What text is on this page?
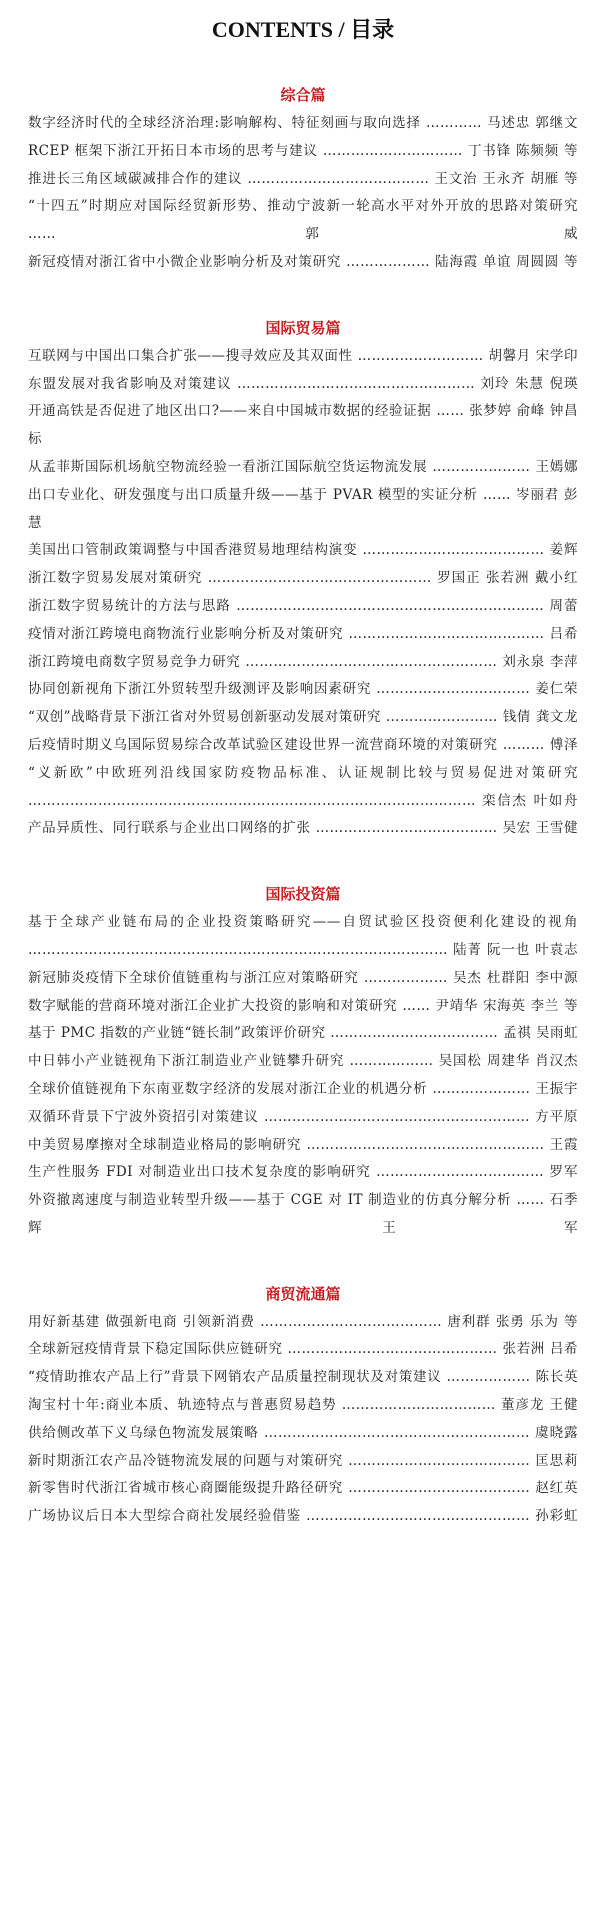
CONTENTS / 目录
综合篇
数字经济时代的全球经济治理:影响解构、特征刻画与取向选择 ………… 马述忠 郭继文
RCEP 框架下浙江开拓日本市场的思考与建议 ………………………… 丁书锋 陈频频 等
推进长三角区域碳减排合作的建议 ………………………………… 王文治 王永齐 胡雁 等
“十四五”时期应对国际经贸新形势、推动宁波新一轮高水平对外开放的思路对策研究 …… 郭威
新冠疫情对浙江省中小微企业影响分析及对策研究 ……………… 陆海霞 单谊 周圆圆 等
国际贸易篇
互联网与中国出口集合扩张——搜寻效应及其双面性 ……………………… 胡馨月 宋学印
东盟发展对我省影响及对策建议 …………………………………………… 刘玲 朱慧 倪瑛
开通高铁是否促进了地区出口?——来自中国城市数据的经验证据 …… 张梦婷 俞峰 钟昌标
从孟菲斯国际机场航空物流经验一看浙江国际航空货运物流发展 ………………… 王嫣娜
出口专业化、研发强度与出口质量升级——基于 PVAR 模型的实证分析 …… 岑丽君 彭慧
美国出口管制政策调整与中国香港贸易地理结构演变 ………………………………… 姜辉
浙江数字贸易发展对策研究 ………………………………………… 罗国正 张若洲 戴小红
浙江数字贸易统计的方法与思路 ………………………………………………………… 周蕾
疫情对浙江跨境电商物流行业影响分析及对策研究 …………………………………… 吕希
浙江跨境电商数字贸易竞争力研究 ……………………………………………… 刘永泉 李萍
协同创新视角下浙江外贸转型升级测评及影响因素研究 …………………………… 姜仁荣
“双创”战略背景下浙江省对外贸易创新驱动发展对策研究 …………………… 钱倩 龚文龙
后疫情时期义乌国际贸易综合改革试验区建设世界一流营商环境的对策研究 ……… 傅泽
“义新欧”中欧班列沿线国家防疫物品标准、认证规制比较与贸易促进对策研究 …………………………………………………………………………………… 栾信杰 叶如舟
产品异质性、同行联系与企业出口网络的扩张 ………………………………… 吴宏 王雪健
国际投资篇
基于全球产业链布局的企业投资策略研究——自贸试验区投资便利化建设的视角 ……………………………………………………………………………… 陆菁 阮一也 叶袁志
新冠肺炎疫情下全球价值链重构与浙江应对策略研究 ……………… 吴杰 杜群阳 李中源
数字赋能的营商环境对浙江企业扩大投资的影响和对策研究 …… 尹靖华 宋海英 李兰 等
基于 PMC 指数的产业链“链长制”政策评价研究 ……………………………… 孟祺 吴雨虹
中日韩小产业链视角下浙江制造业产业链攀升研究 ……………… 吴国松 周建华 肖汉杰
全球价值链视角下东南亚数字经济的发展对浙江企业的机遇分析 ………………… 王振宇
双循环背景下宁波外资招引对策建议 ………………………………………………… 方平原
中美贸易摩擦对全球制造业格局的影响研究 …………………………………………… 王霞
生产性服务 FDI 对制造业出口技术复杂度的影响研究 ……………………………… 罗军
外资撤离速度与制造业转型升级——基于 CGE 对 IT 制造业的仿真分解分析 …… 石季辉 王军
商贸流通篇
用好新基建 做强新电商 引领新消费 ………………………………… 唐利群 张勇 乐为 等
全球新冠疫情背景下稳定国际供应链研究 ……………………………………… 张若洲 吕希
“疫情助推农产品上行”背景下网销农产品质量控制现状及对策建议 ……………… 陈长英
淘宝村十年:商业本质、轨迹特点与普惠贸易趋势 …………………………… 董彦龙 王健
供给侧改革下义乌绿色物流发展策略 ………………………………………………… 虞晓露
新时期浙江农产品冷链物流发展的问题与对策研究 ………………………………… 匡思莉
新零售时代浙江省城市核心商圈能级提升路径研究 ………………………………… 赵红英
广场协议后日本大型综合商社发展经验借鉴 ………………………………………… 孙彩虹
